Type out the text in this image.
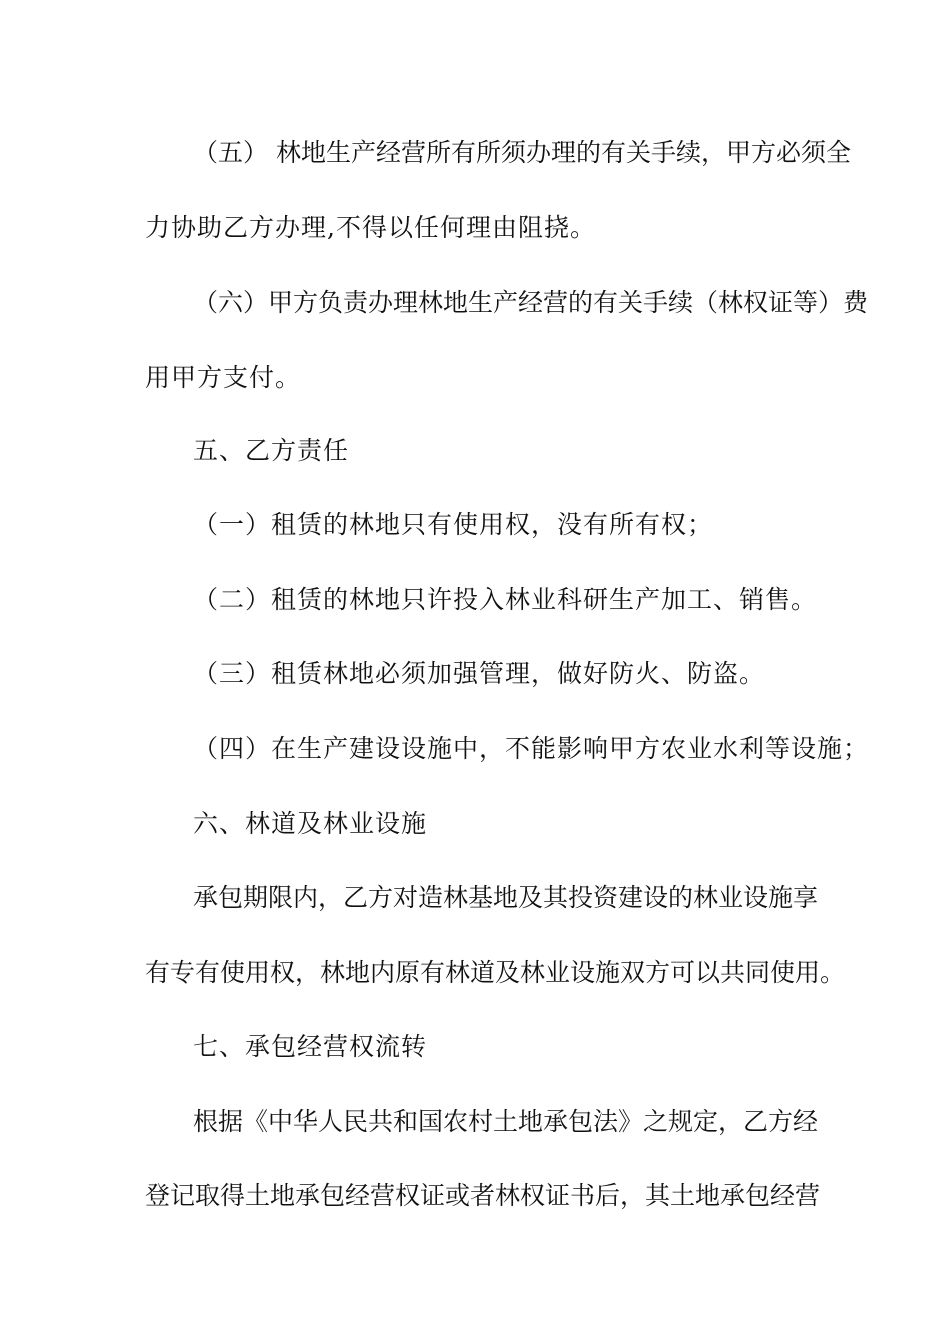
（五） 林地生产经营所有所须办理的有关手续，甲方必须全

力协助乙方办理,不得以任何理由阻挠。

（六）甲方负责办理林地生产经营的有关手续（林权证等）费

用甲方支付。

五、乙方责任

（一）租赁的林地只有使用权，没有所有权；

（二）租赁的林地只许投入林业科研生产加工、销售。

（三）租赁林地必须加强管理，做好防火、防盗。

（四）在生产建设设施中，不能影响甲方农业水利等设施；

六、林道及林业设施

承包期限内，乙方对造林基地及其投资建设的林业设施享

有专有使用权，林地内原有林道及林业设施双方可以共同使用。

七、承包经营权流转

根据《中华人民共和国农村土地承包法》之规定，乙方经

登记取得土地承包经营权证或者林权证书后，其土地承包经营
